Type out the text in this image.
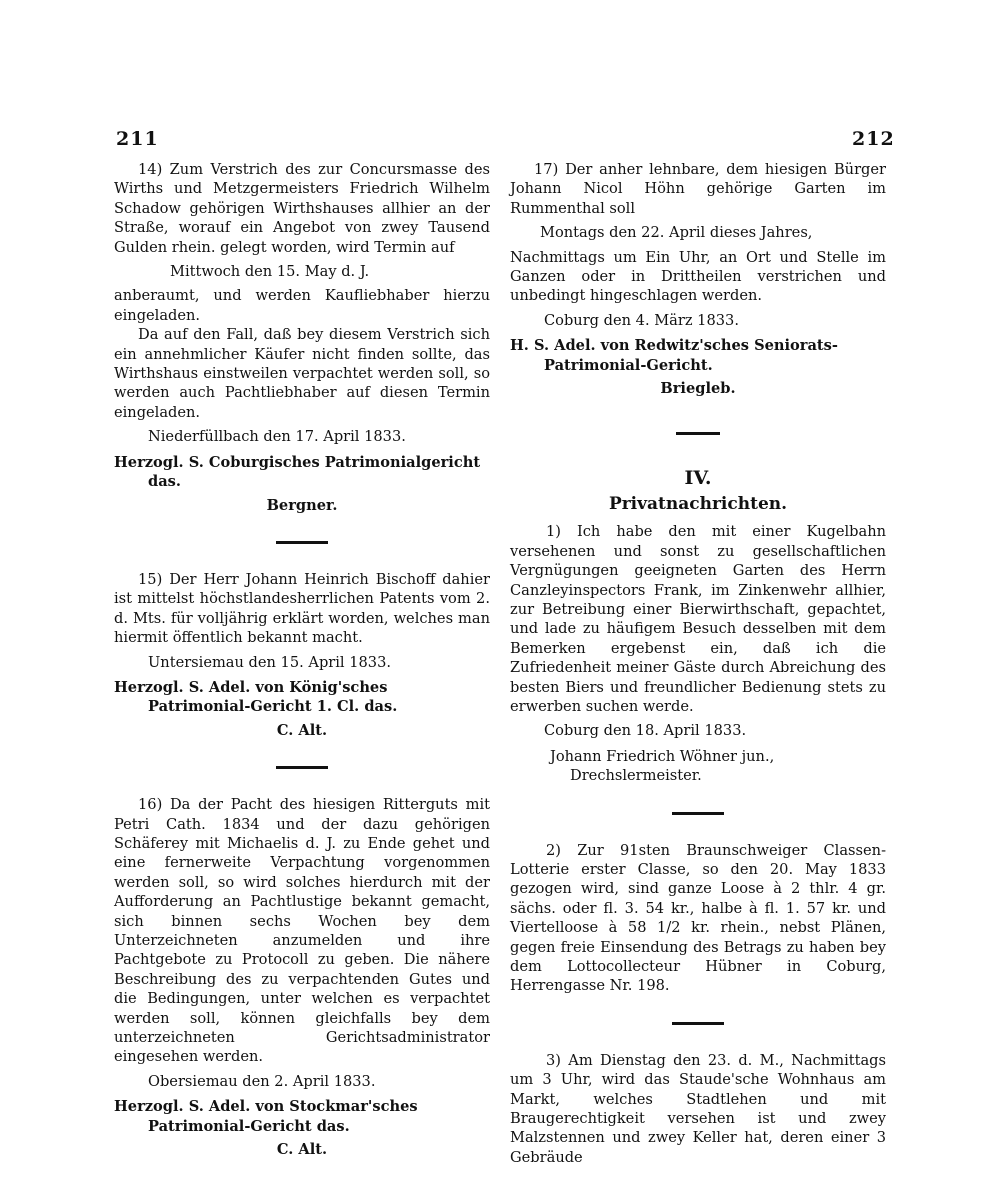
211	212

14) Zum Verstrich des zur Concursmasse des Wirths und Metzgermeisters Friedrich Wilhelm Schadow gehörigen Wirthshauses allhier an der Straße, worauf ein Angebot von zwey Tausend Gulden rhein. gelegt worden, wird Termin auf

Mittwoch den 15. May d. J.

anberaumt, und werden Kaufliebhaber hierzu eingeladen.

Da auf den Fall, daß bey diesem Verstrich sich ein annehmlicher Käufer nicht finden sollte, das Wirthshaus einstweilen verpachtet werden soll, so werden auch Pachtliebhaber auf diesen Termin eingeladen.

Niederfüllbach den 17. April 1833.

Herzogl. S. Coburgisches Patrimonialgericht das.

Bergner.

15) Der Herr Johann Heinrich Bischoff dahier ist mittelst höchstlandesherrlichen Patents vom 2. d. Mts. für volljährig erklärt worden, welches man hiermit öffentlich bekannt macht.

Untersiemau den 15. April 1833.

Herzogl. S. Adel. von König'sches Patrimonial-Gericht 1. Cl. das.

C. Alt.

16) Da der Pacht des hiesigen Ritterguts mit Petri Cath. 1834 und der dazu gehörigen Schäferey mit Michaelis d. J. zu Ende gehet und eine fernerweite Verpachtung vorgenommen werden soll, so wird solches hierdurch mit der Aufforderung an Pachtlustige bekannt gemacht, sich binnen sechs Wochen bey dem Unterzeichneten anzumelden und ihre Pachtgebote zu Protocoll zu geben. Die nähere Beschreibung des zu verpachtenden Gutes und die Bedingungen, unter welchen es verpachtet werden soll, können gleichfalls bey dem unterzeichneten Gerichtsadministrator eingesehen werden.

Obersiemau den 2. April 1833.

Herzogl. S. Adel. von Stockmar'sches Patrimonial-Gericht das.

C. Alt.

17) Der anher lehnbare, dem hiesigen Bürger Johann Nicol Höhn gehörige Garten im Rummenthal soll

Montags den 22. April dieses Jahres,

Nachmittags um Ein Uhr, an Ort und Stelle im Ganzen oder in Drittheilen verstrichen und unbedingt hingeschlagen werden.

Coburg den 4. März 1833.

H. S. Adel. von Redwitz'sches Seniorats-Patrimonial-Gericht.

Briegleb.

IV.
Privatnachrichten.

1) Ich habe den mit einer Kugelbahn versehenen und sonst zu gesellschaftlichen Vergnügungen geeigneten Garten des Herrn Canzleyinspectors Frank, im Zinkenwehr allhier, zur Betreibung einer Bierwirthschaft, gepachtet, und lade zu häufigem Besuch desselben mit dem Bemerken ergebenst ein, daß ich die Zufriedenheit meiner Gäste durch Abreichung des besten Biers und freundlicher Bedienung stets zu erwerben suchen werde.

Coburg den 18. April 1833.

Johann Friedrich Wöhner jun., Drechslermeister.

2) Zur 91sten Braunschweiger Classen-Lotterie erster Classe, so den 20. May 1833 gezogen wird, sind ganze Loose à 2 thlr. 4 gr. sächs. oder fl. 3. 54 kr., halbe à fl. 1. 57 kr. und Viertelloose à 58 1/2 kr. rhein., nebst Plänen, gegen freie Einsendung des Betrags zu haben bey dem Lottocollecteur Hübner in Coburg, Herrengasse Nr. 198.

3) Am Dienstag den 23. d. M., Nachmittags um 3 Uhr, wird das Staude'sche Wohnhaus am Markt, welches Stadtlehen und mit Braugerechtigkeit versehen ist und zwey Malzstennen und zwey Keller hat, deren einer 3 Gebräude
